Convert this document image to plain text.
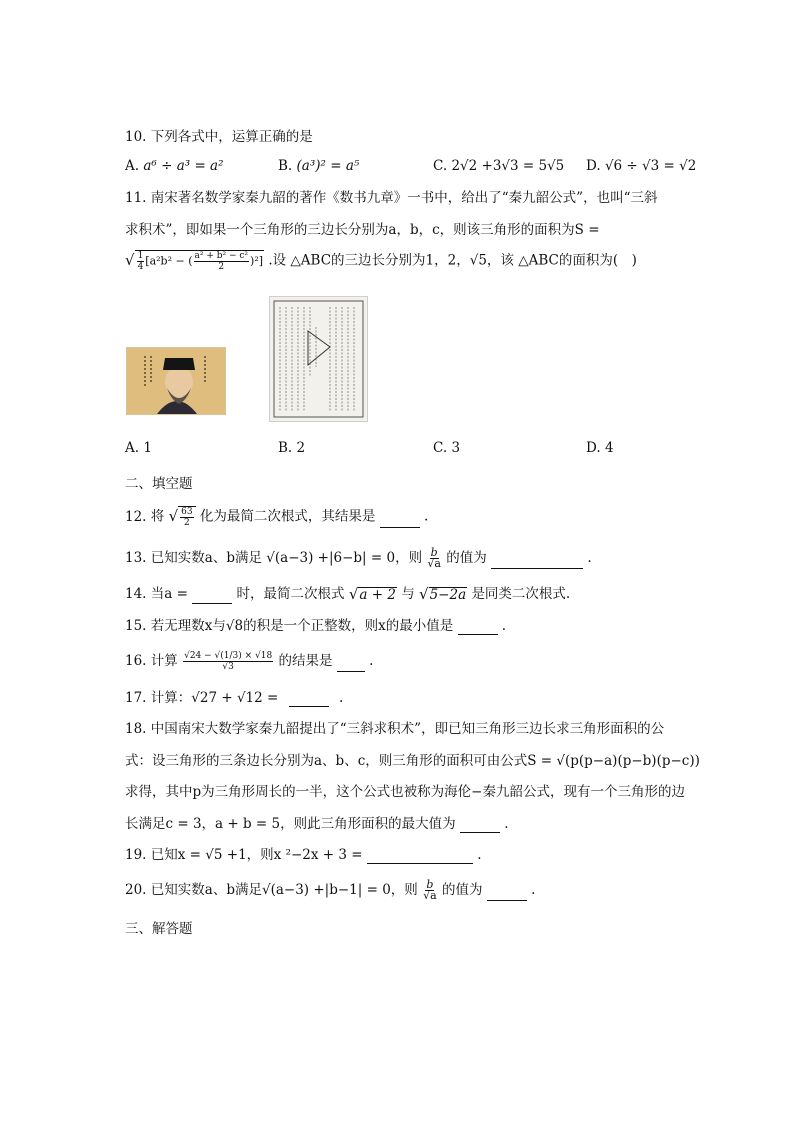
10. 下列各式中，运算正确的是
A. a⁶ ÷ a³ = a²	B. (a³)² = a⁵	C. 2√2 +3√3 = 5√5 D. √6 ÷ √3 = √2
11. 南宋著名数学家秦九韶的著作《数书九章》一书中，给出了“秦九韶公式”，也叫“三斜
求积术”，即如果一个三角形的三边长分别为a，b，c，则该三角形的面积为S =
√ $\frac{1}{4} [a^2b^2$ − ( $\frac{\text{a² + b² − c²}}{2} )^2$] .设 △ABC的三边长分别为1，2，√5，该 △ABC的面积为(　)
A. 1	B. 2	C. 3	D. 4
二、填空题
12. 将 √ $\frac{63}{2}$ 化为最简二次根式，其结果是	.
13. 已知实数a、b满足 √(a−3) +|6−b| = 0，则 $\frac{b}{√a}$ 的值为	.
14. 当a =	时，最简二次根式 √a + 2 与 √5−2a 是同类二次根式.
15. 若无理数x与√8的积是一个正整数，则x的最小值是	.
16. 计算 $\frac{√24 - √(1/3) \times √18}{√3}$ 的结果是	.
17. 计算：√27 + √12 =	.
18. 中国南宋大数学家秦九韶提出了“三斜求积术”，即已知三角形三边长求三角形面积的公
式：设三角形的三条边长分别为a、b、c，则三角形的面积可由公式S = √(p(p−a)(p−b)(p−c))
求得，其中p为三角形周长的一半，这个公式也被称为海伦−秦九韶公式，现有一个三角形的边
长满足c = 3，a + b = 5，则此三角形面积的最大值为	.
19. 已知x = √5 +1，则x ²−2x + 3 =	.
20. 已知实数a、b满足√(a−3) +|b−1| = 0，则 $\frac{b}{√a}$ 的值为	.
三、解答题
